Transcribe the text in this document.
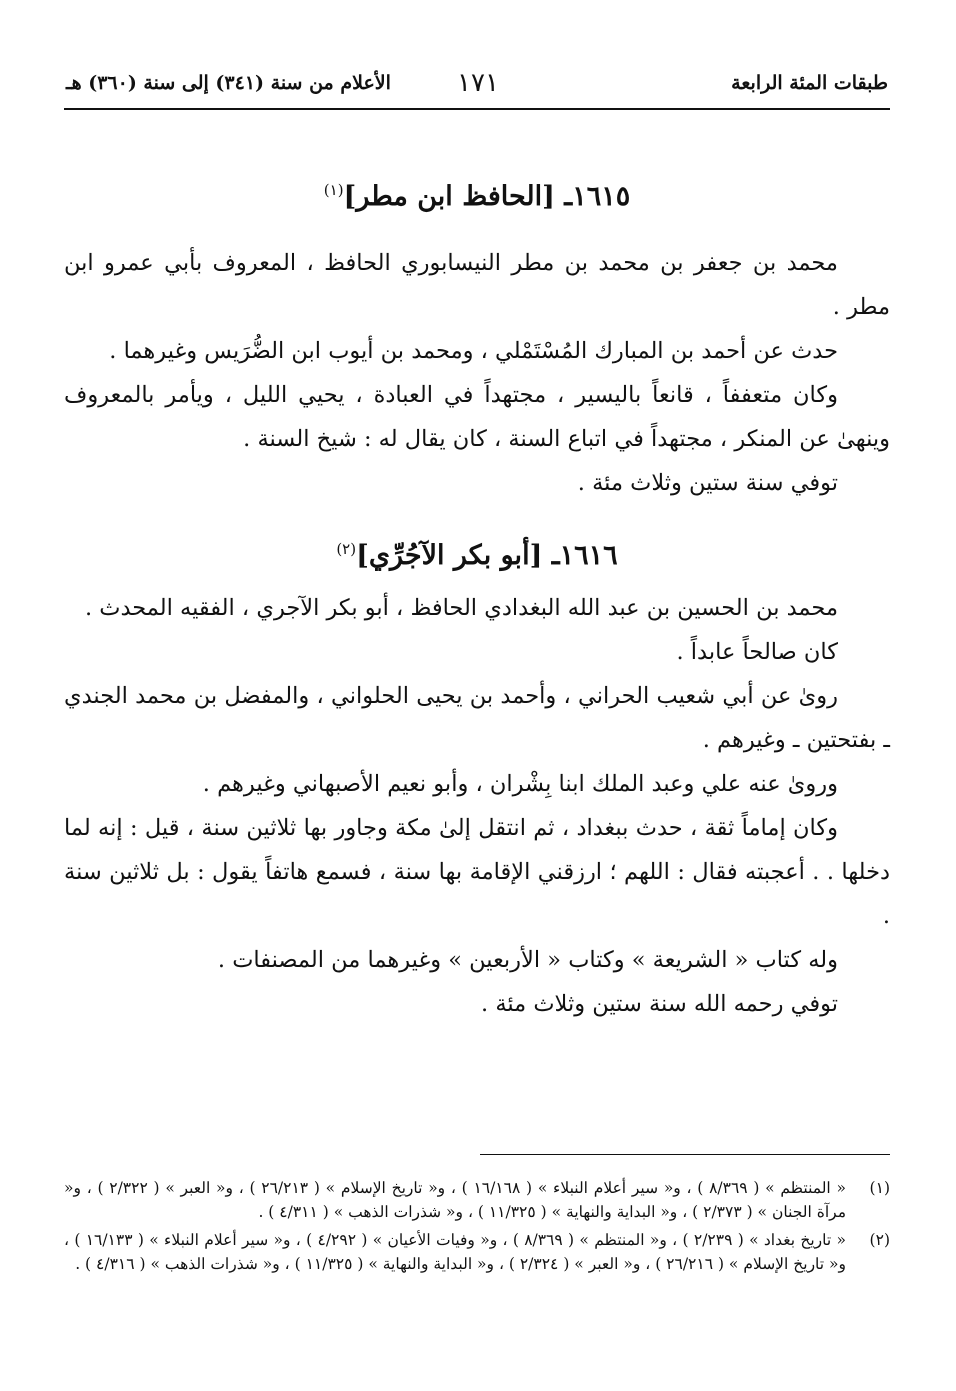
طبقات المئة الرابعة
١٧١
الأعلام من سنة (٣٤١) إلى سنة (٣٦٠) هـ
١٦١٥ـ [الحافظ ابن مطر]$^{(١)}$

محمد بن جعفر بن محمد بن مطر النيسابوري الحافظ ، المعروف بأبي عمرو ابن مطر .

حدث عن أحمد بن المبارك المُسْتَمْلي ، ومحمد بن أيوب ابن الضُّرَيس وغيرهما .

وكان متعففاً ، قانعاً باليسير ، مجتهداً في العبادة ، يحيي الليل ، ويأمر بالمعروف وينهىٰ عن المنكر ، مجتهداً في اتباع السنة ، كان يقال له : شيخ السنة .

توفي سنة ستين وثلاث مئة .

١٦١٦ـ [أبو بكر الآجُرِّي]$^{(٢)}$

محمد بن الحسين بن عبد الله البغدادي الحافظ ، أبو بكر الآجري ، الفقيه المحدث .

كان صالحاً عابداً .

روىٰ عن أبي شعيب الحراني ، وأحمد بن يحيى الحلواني ، والمفضل بن محمد الجندي ـ بفتحتين ـ وغيرهم .

وروىٰ عنه علي وعبد الملك ابنا بِشْران ، وأبو نعيم الأصبهاني وغيرهم .

وكان إماماً ثقة ، حدث ببغداد ، ثم انتقل إلىٰ مكة وجاور بها ثلاثين سنة ، قيل : إنه لما دخلها . . أعجبته فقال : اللهم ؛ ارزقني الإقامة بها سنة ، فسمع هاتفاً يقول : بل ثلاثين سنة .

وله كتاب « الشريعة » وكتاب « الأربعين » وغيرهما من المصنفات .

توفي رحمه الله سنة ستين وثلاث مئة .

(١)
« المنتظم » ( ٨/٣٦٩ ) ، و« سير أعلام النبلاء » ( ١٦/١٦٨ ) ، و« تاريخ الإسلام » ( ٢٦/٢١٣ ) ، و« العبر » ( ٢/٣٢٢ ) ، و« مرآة الجنان » ( ٢/٣٧٣ ) ، و« البداية والنهاية » ( ١١/٣٢٥ ) ، و« شذرات الذهب » ( ٤/٣١١ ) .
(٢)
« تاريخ بغداد » ( ٢/٢٣٩ ) ، و« المنتظم » ( ٨/٣٦٩ ) ، و« وفيات الأعيان » ( ٤/٢٩٢ ) ، و« سير أعلام النبلاء » ( ١٦/١٣٣ ) ، و« تاريخ الإسلام » ( ٢٦/٢١٦ ) ، و« العبر » ( ٢/٣٢٤ ) ، و« البداية والنهاية » ( ١١/٣٢٥ ) ، و« شذرات الذهب » ( ٤/٣١٦ ) .
